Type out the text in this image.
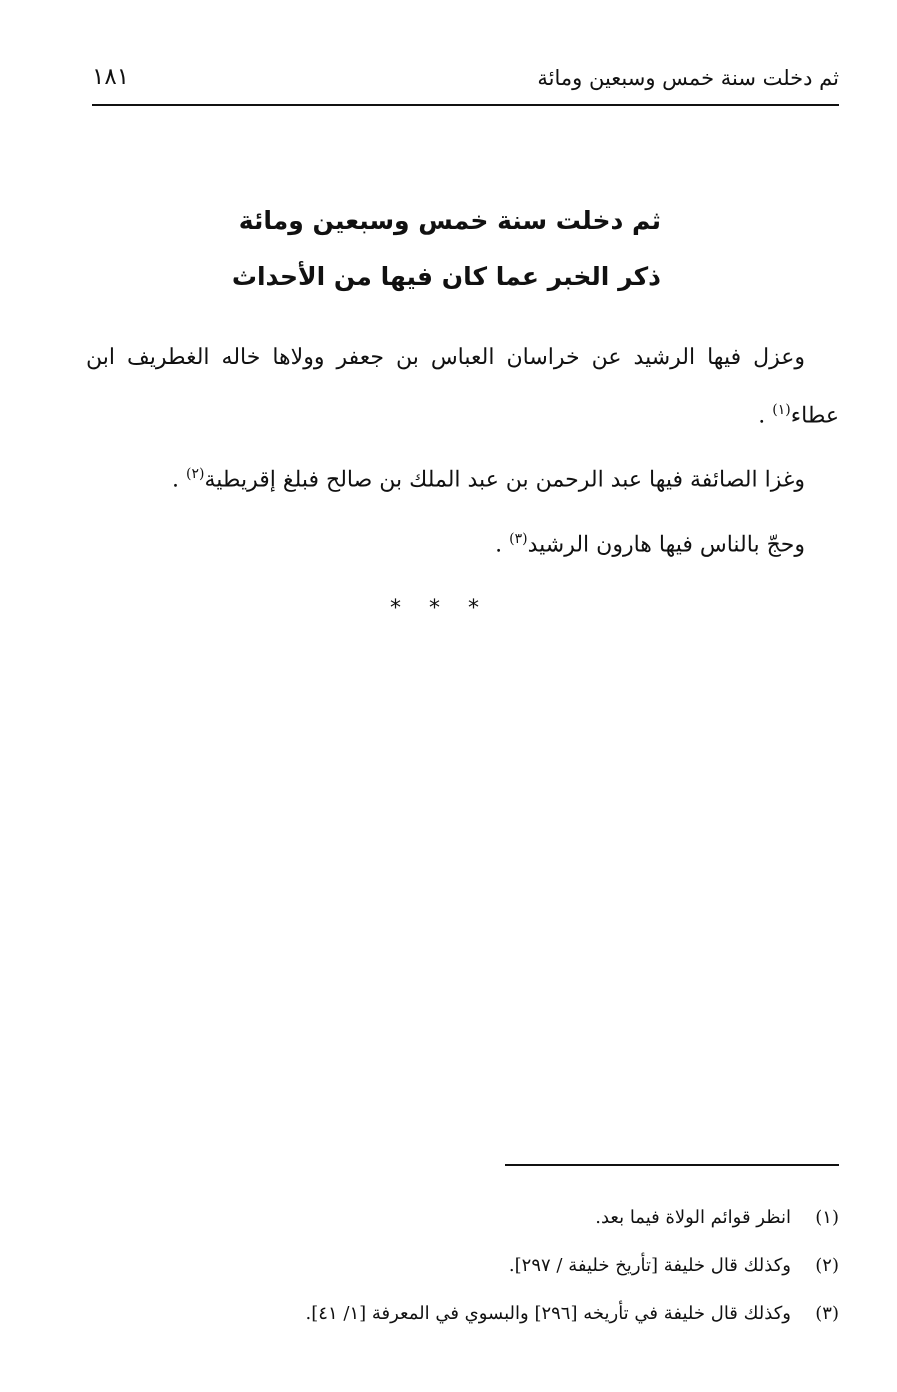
ثم دخلت سنة خمس وسبعين ومائة
١٨١
ثم دخلت سنة خمس وسبعين ومائة
ذكر الخبر عما كان فيها من الأحداث

وعزل فيها الرشيد عن خراسان العباس بن جعفر وولاها خاله الغطريف ابن عطاء$^{(١)}$ .

وغزا الصائفة فيها عبد الرحمن بن عبد الملك بن صالح فبلغ إقريطية$^{(٢)}$ .

وحجّ بالناس فيها هارون الرشيد$^{(٣)}$ .

***
(١)انظر قوائم الولاة فيما بعد.
(٢)وكذلك قال خليفة [تأريخ خليفة / ٢٩٧].
(٣)وكذلك قال خليفة في تأريخه [٢٩٦] والبسوي في المعرفة [١/ ٤١].
